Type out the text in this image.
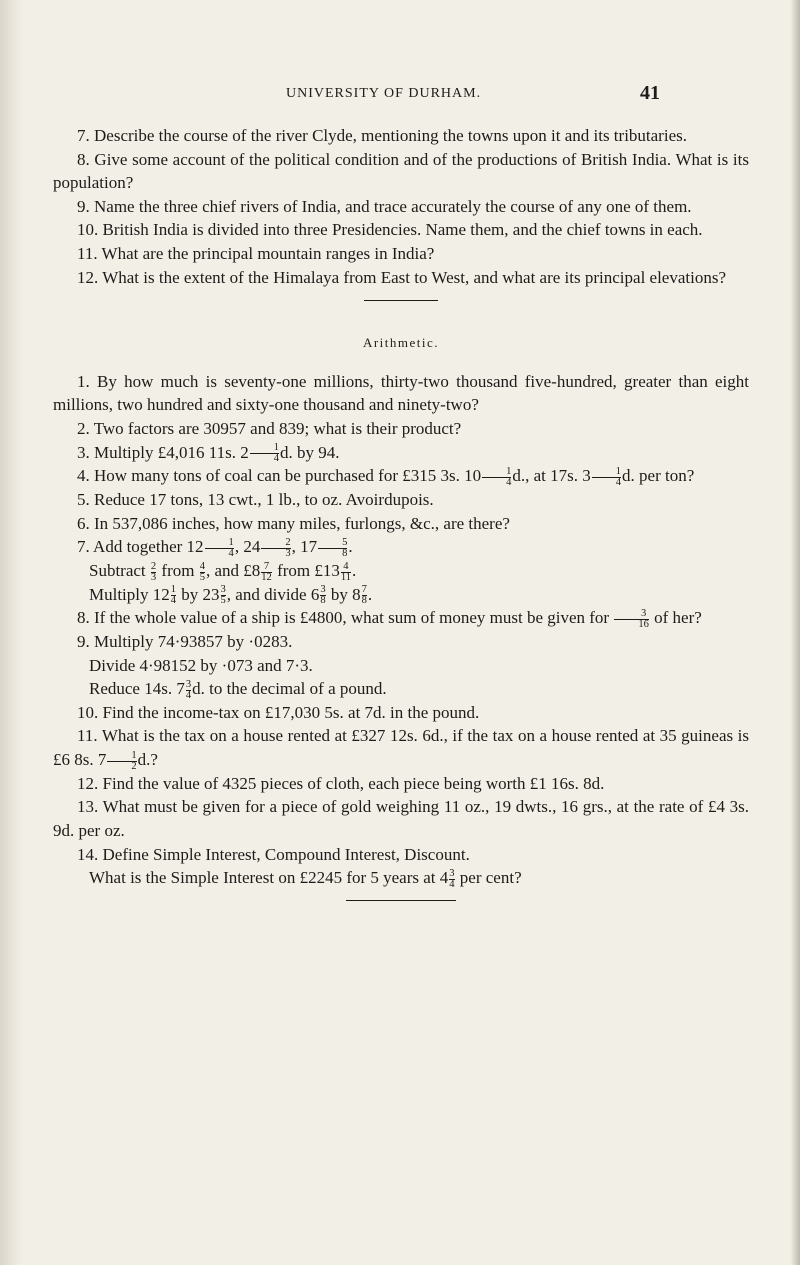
UNIVERSITY OF DURHAM.	41

7. Describe the course of the river Clyde, mentioning the towns upon it and its tributaries.

8. Give some account of the political condition and of the productions of British India. What is its population?

9. Name the three chief rivers of India, and trace accurately the course of any one of them.

10. British India is divided into three Presidencies. Name them, and the chief towns in each.

11. What are the principal mountain ranges in India?

12. What is the extent of the Himalaya from East to West, and what are its principal elevations?

Arithmetic.

1. By how much is seventy-one millions, thirty-two thousand five-hundred, greater than eight millions, two hundred and sixty-one thousand and ninety-two?

2. Two factors are 30957 and 839; what is their product?

3. Multiply £4,016 11s. $2 \frac{1}{4} d$. by 94.

4. How many tons of coal can be purchased for £315 3s. $10 \frac{1}{4} d$., at 17s. $3 \frac{1}{4} d$. per ton?

5. Reduce 17 tons, 13 cwt., 1 lb., to oz. Avoirdupois.

6. In 537,086 inches, how many miles, furlongs, &c., are there?

7. Add together $12 \frac{1}{4}$ , $24 \frac{2}{3}$ , $17 \frac{5}{8}$ .

Subtract $\frac{2}{3}$ from $\frac{4}{5}$ , and £8 $\frac{7}{12}$ from £13 $\frac{4}{11}$ .

Multiply $12 \frac{1}{4}$ by $23 \frac{3}{5}$ , and divide $6 \frac{3}{8}$ by $8 \frac{7}{8}$ .

8. If the whole value of a ship is £4800, what sum of money must be given for $\frac{3}{16}$ of her?

9. Multiply 74·93857 by ·0283.

Divide 4·98152 by ·073 and 7·3.

Reduce 14s. $7 \frac{3}{4} d$. to the decimal of a pound.

10. Find the income-tax on £17,030 5s. at 7d. in the pound.

11. What is the tax on a house rented at £327 12s. 6d., if the tax on a house rented at 35 guineas is £6 8s. $7 \frac{1}{2} d$.?

12. Find the value of 4325 pieces of cloth, each piece being worth £1 16s. 8d.

13. What must be given for a piece of gold weighing 11 oz., 19 dwts., 16 grs., at the rate of £4 3s. 9d. per oz.

14. Define Simple Interest, Compound Interest, Discount.

What is the Simple Interest on £2245 for 5 years at $4 \frac{3}{4}$ per cent?
